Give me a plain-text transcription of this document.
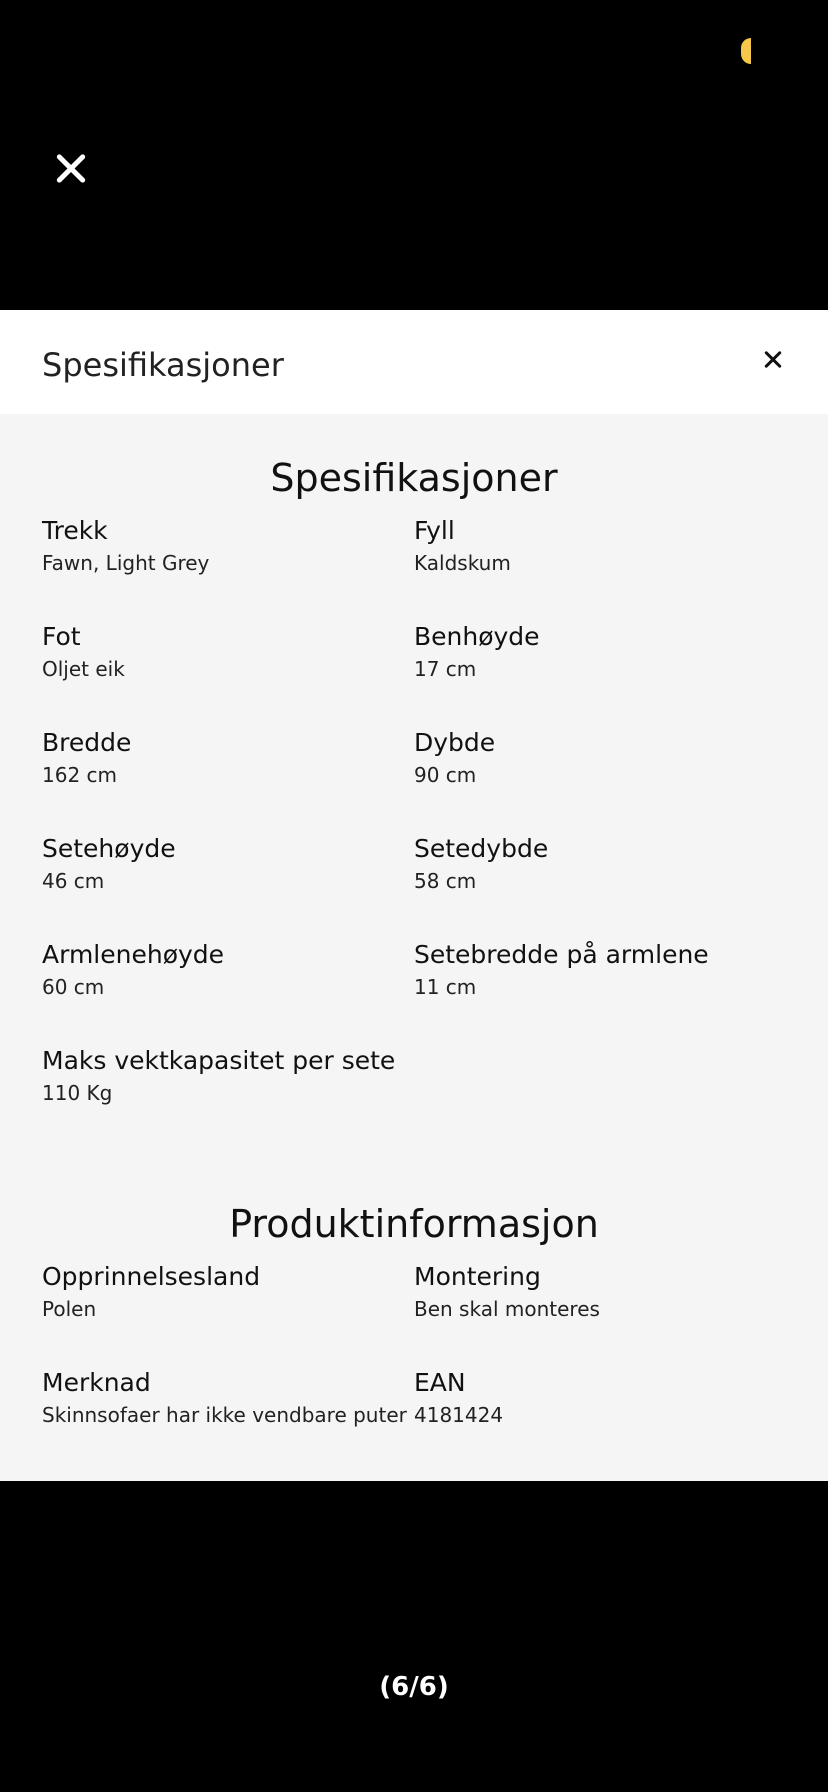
Spesifikasjoner
Spesifikasjoner
Trekk
Fawn, Light Grey
Fyll
Kaldskum
Fot
Oljet eik
Benhøyde
17 cm
Bredde
162 cm
Dybde
90 cm
Setehøyde
46 cm
Setedybde
58 cm
Armlenehøyde
60 cm
Setebredde på armlene
11 cm
Maks vektkapasitet per sete
110 Kg
Produktinformasjon
Opprinnelsesland
Polen
Montering
Ben skal monteres
Merknad
Skinnsofaer har ikke vendbare puter
EAN
4181424
(6/6)
